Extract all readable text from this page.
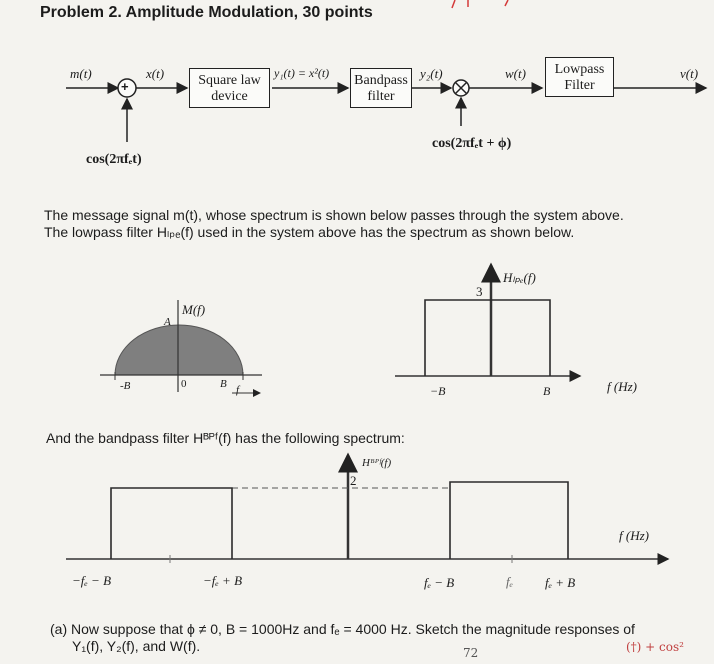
Problem 2. Amplitude Modulation, 30 points
m(t)
+
x(t)	Square law
device
y₁(t) = x²(t) Bandpass
filter
y₂(t)	w(t)	Lowpass
Filter
v(t)
cos(2πfₑt)
cos(2πfₑt + ϕ)
The message signal m(t), whose spectrum is shown below passes through the system above.
The lowpass filter Hₗₚₑ(f) used in the system above has the spectrum as shown below.
M(f)
A
-B	0	B f
Hₗₚₑ(f)
3
−B	B	f (Hz)
And the bandpass filter Hᴮᴾᶠ(f) has the following spectrum:
Hᴮᴾᶠ(f)
2
−fₑ − B	−fₑ + B	fₑ − B	fₑ fₑ + B
f (Hz)
(a) Now suppose that ϕ ≠ 0, B = 1000Hz and fₑ = 4000 Hz. Sketch the magnitude responses of
Y₁(f), Y₂(f), and W(f).	72	(†) + cos²
